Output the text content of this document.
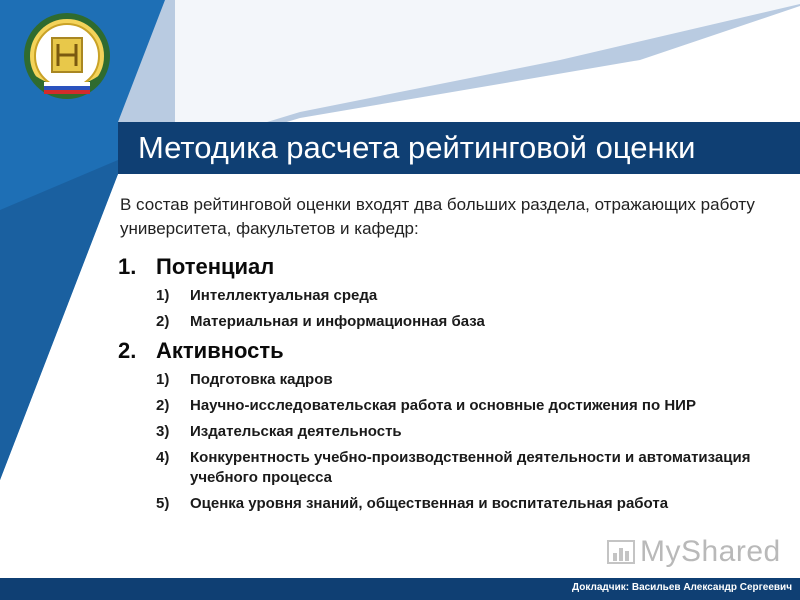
Методика расчета рейтинговой оценки

В состав рейтинговой оценки входят два больших раздела, отражающих работу университета, факультетов и кафедр:

1. Потенциал
1)	Интеллектуальная среда
2)	Материальная и информационная база
2. Активность
1)	Подготовка кадров
2)	Научно-исследовательская работа и основные достижения по НИР
3)	Издательская деятельность
4)	Конкурентность учебно-производственной деятельности и автоматизация учебного процесса
5)	Оценка уровня знаний, общественная и воспитательная работа
MyShared
Докладчик: Васильев Александр Сергеевич
